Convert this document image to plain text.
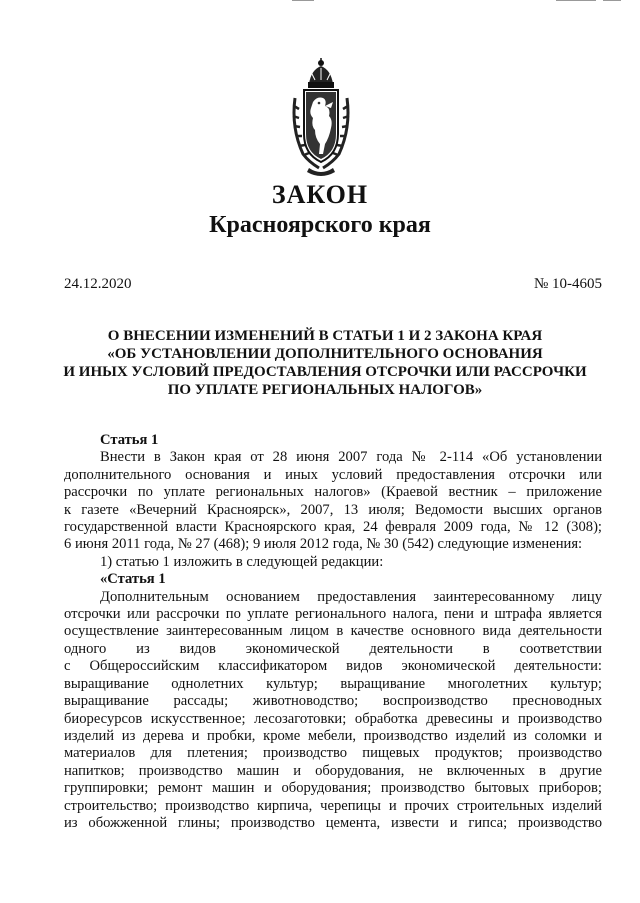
ЗАКОН
Красноярского края
24.12.2020	№ 10-4605
О ВНЕСЕНИИ ИЗМЕНЕНИЙ В СТАТЬИ 1 И 2 ЗАКОНА КРАЯ
«ОБ УСТАНОВЛЕНИИ ДОПОЛНИТЕЛЬНОГО ОСНОВАНИЯ
И ИНЫХ УСЛОВИЙ ПРЕДОСТАВЛЕНИЯ ОТСРОЧКИ ИЛИ РАССРОЧКИ
ПО УПЛАТЕ РЕГИОНАЛЬНЫХ НАЛОГОВ»
Статья 1
Внести в Закон края от 28 июня 2007 года № 2-114 «Об установлении
дополнительного основания и иных условий предоставления отсрочки или
рассрочки по уплате региональных налогов» (Краевой вестник – приложение
к газете «Вечерний Красноярск», 2007, 13 июля; Ведомости высших органов
государственной власти Красноярского края, 24 февраля 2009 года, № 12 (308);
6 июня 2011 года, № 27 (468); 9 июля 2012 года, № 30 (542) следующие изменения:
1) статью 1 изложить в следующей редакции:
«Статья 1
Дополнительным основанием предоставления заинтересованному лицу
отсрочки или рассрочки по уплате регионального налога, пени и штрафа является
осуществление заинтересованным лицом в качестве основного вида деятельности
одного из видов экономической деятельности в соответствии
с Общероссийским классификатором видов экономической деятельности:
выращивание однолетних культур; выращивание многолетних культур;
выращивание рассады; животноводство; воспроизводство пресноводных
биоресурсов искусственное; лесозаготовки; обработка древесины и производство
изделий из дерева и пробки, кроме мебели, производство изделий из соломки и
материалов для плетения; производство пищевых продуктов; производство
напитков; производство машин и оборудования, не включенных в другие
группировки; ремонт машин и оборудования; производство бытовых приборов;
строительство; производство кирпича, черепицы и прочих строительных изделий
из обожженной глины; производство цемента, извести и гипса; производство
